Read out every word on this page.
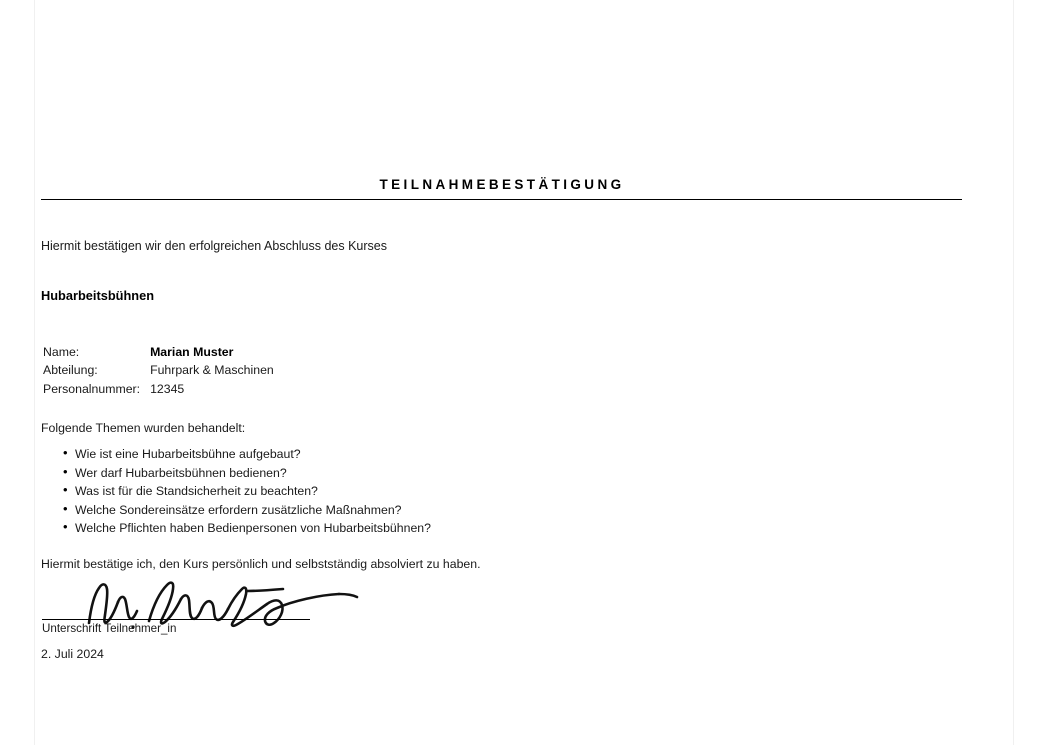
TEILNAHMEBESTÄTIGUNG
Hiermit bestätigen wir den erfolgreichen Abschluss des Kurses
Hubarbeitsbühnen
Name:	Marian Muster
Abteilung:	Fuhrpark & Maschinen
Personalnummer:	12345
Folgende Themen wurden behandelt:
• Wie ist eine Hubarbeitsbühne aufgebaut?
• Wer darf Hubarbeitsbühnen bedienen?
• Was ist für die Standsicherheit zu beachten?
• Welche Sondereinsätze erfordern zusätzliche Maßnahmen?
• Welche Pflichten haben Bedienpersonen von Hubarbeitsbühnen?
Hiermit bestätige ich, den Kurs persönlich und selbstständig absolviert zu haben.
Unterschrift Teilnehmer_in
2. Juli 2024
